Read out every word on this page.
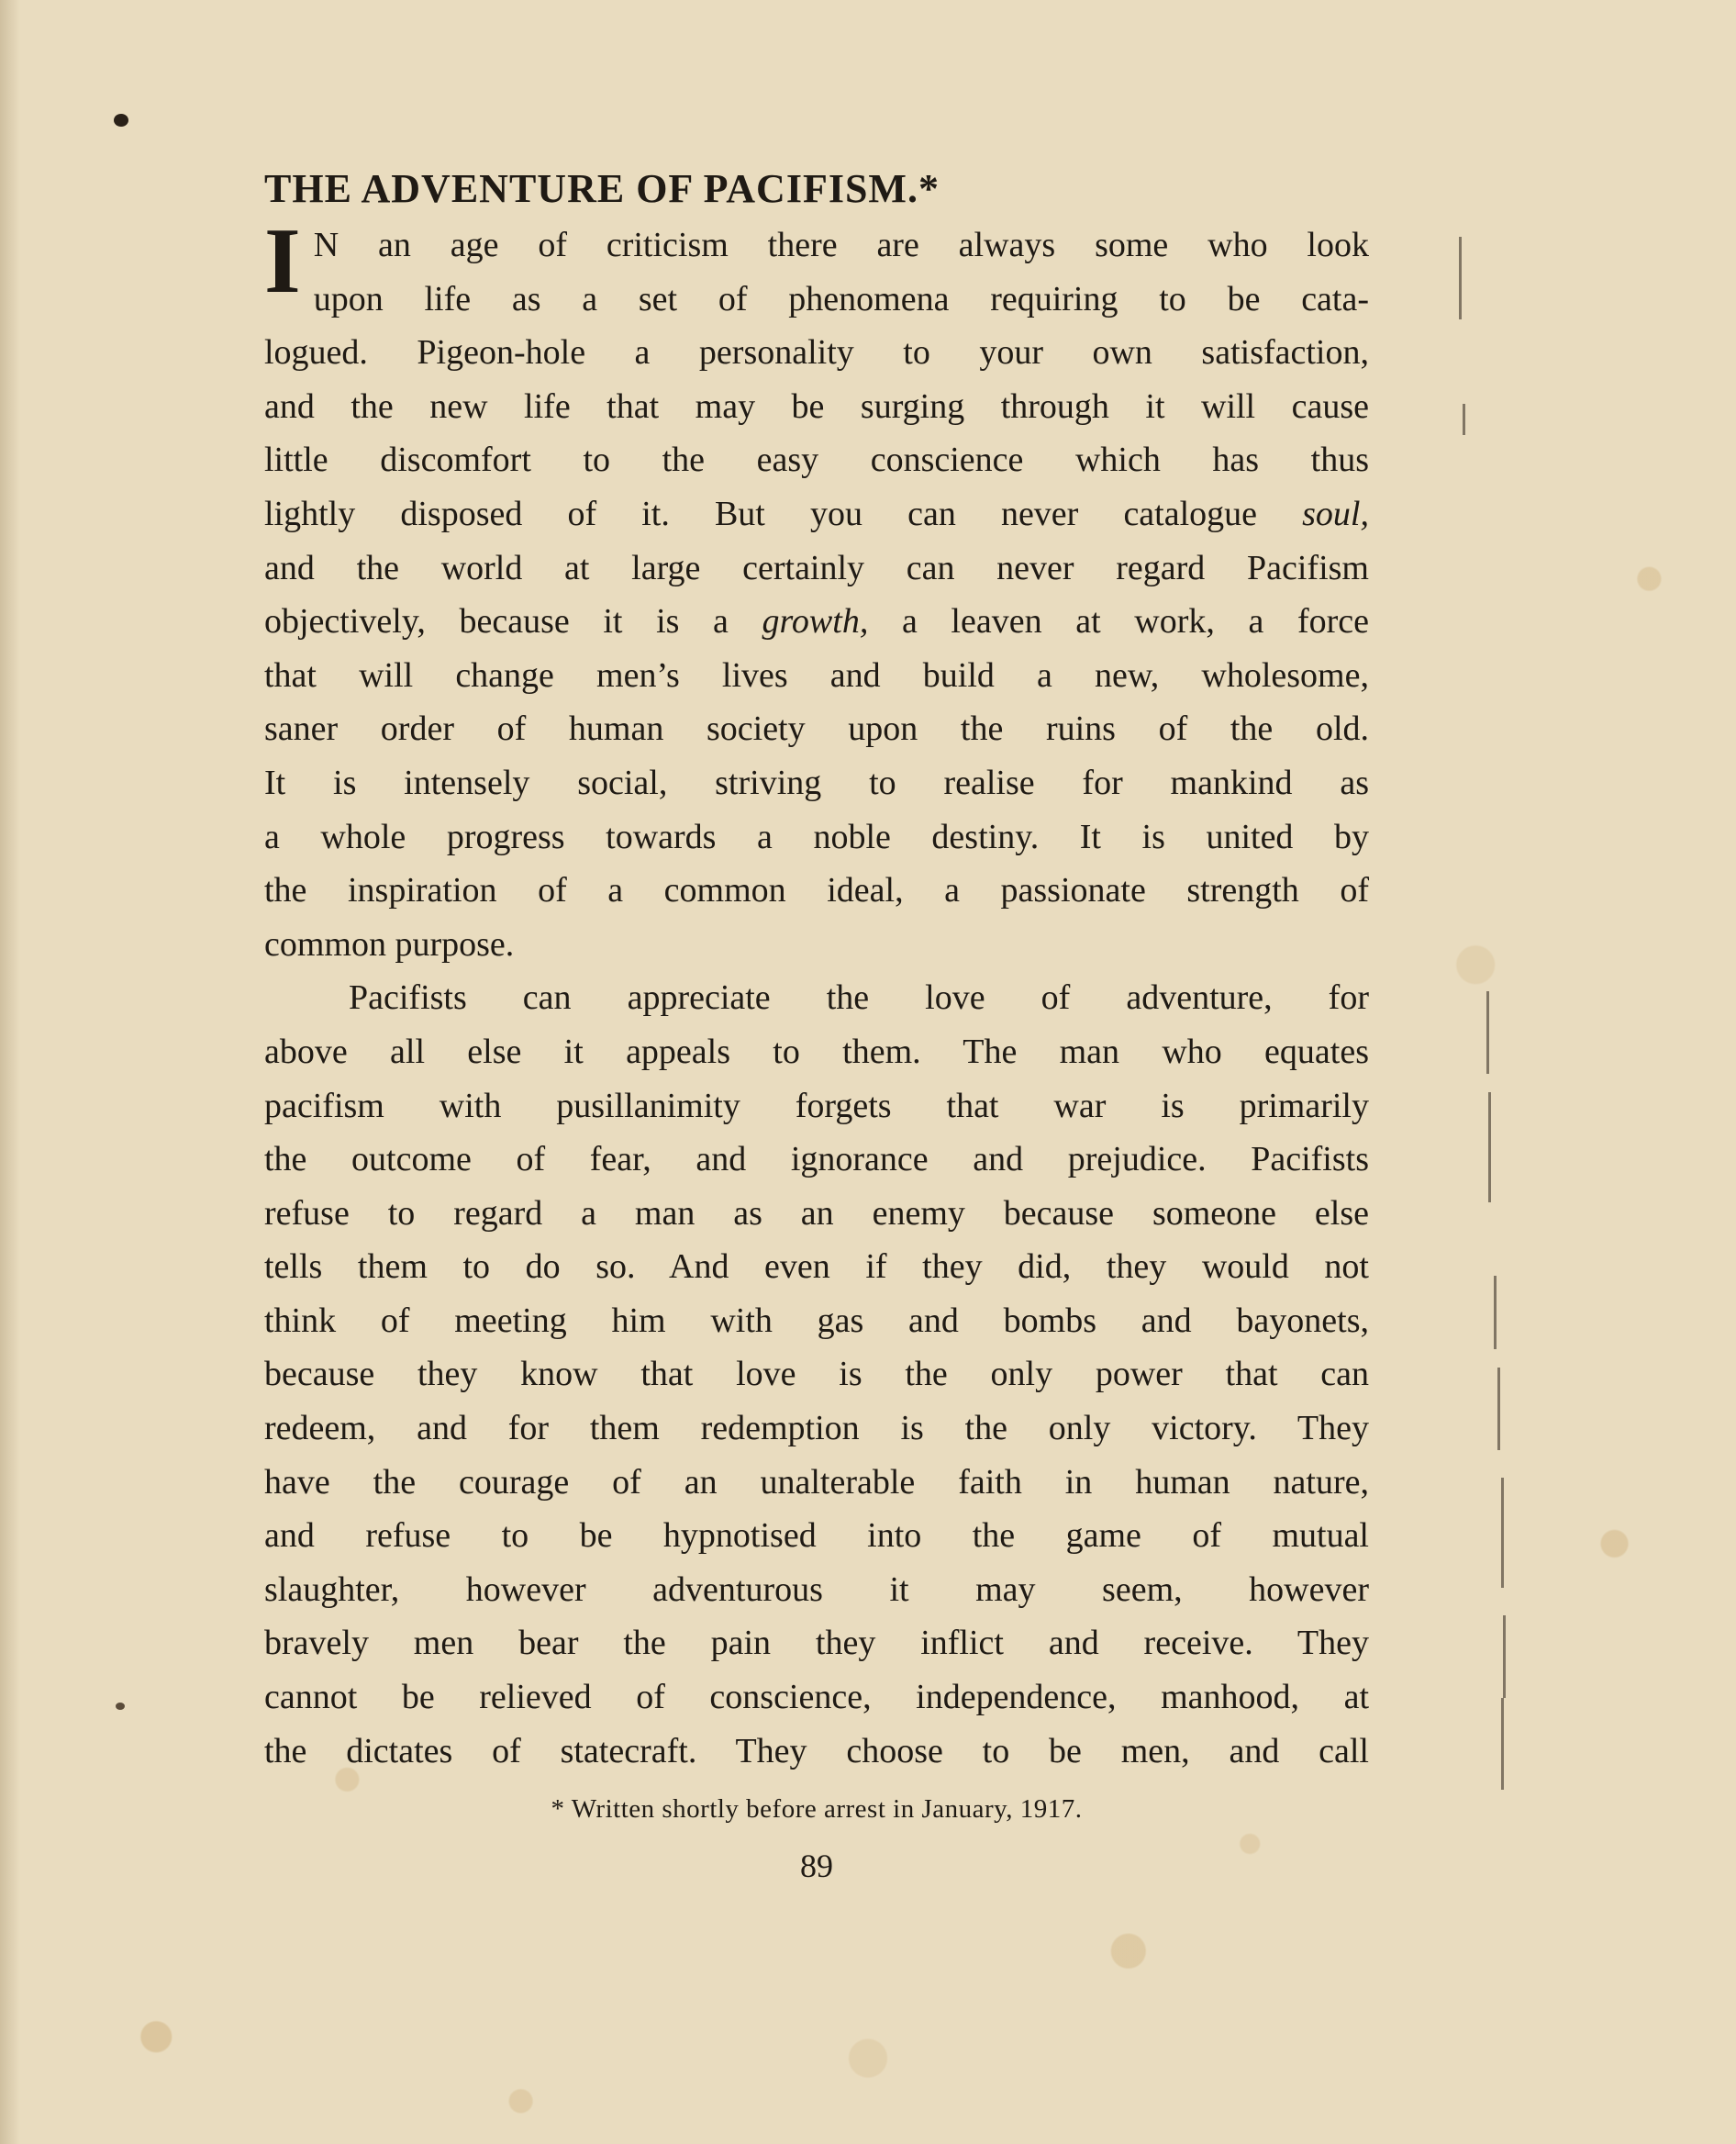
THE ADVENTURE OF PACIFISM.*
I N an age of criticism there are always some who look
upon life as a set of phenomena requiring to be cata-
logued. Pigeon-hole a personality to your own satisfaction,
and the new life that may be surging through it will cause
little discomfort to the easy conscience which has thus
lightly disposed of it. But you can never catalogue soul,
and the world at large certainly can never regard Pacifism
objectively, because it is a growth, a leaven at work, a force
that will change men’s lives and build a new, wholesome,
saner order of human society upon the ruins of the old.
It is intensely social, striving to realise for mankind as
a whole progress towards a noble destiny. It is united by
the inspiration of a common ideal, a passionate strength of
common purpose.
Pacifists can appreciate the love of adventure, for
above all else it appeals to them. The man who equates
pacifism with pusillanimity forgets that war is primarily
the outcome of fear, and ignorance and prejudice. Pacifists
refuse to regard a man as an enemy because someone else
tells them to do so. And even if they did, they would not
think of meeting him with gas and bombs and bayonets,
because they know that love is the only power that can
redeem, and for them redemption is the only victory. They
have the courage of an unalterable faith in human nature,
and refuse to be hypnotised into the game of mutual
slaughter, however adventurous it may seem, however
bravely men bear the pain they inflict and receive. They
cannot be relieved of conscience, independence, manhood, at
the dictates of statecraft. They choose to be men, and call
* Written shortly before arrest in January, 1917.
89
